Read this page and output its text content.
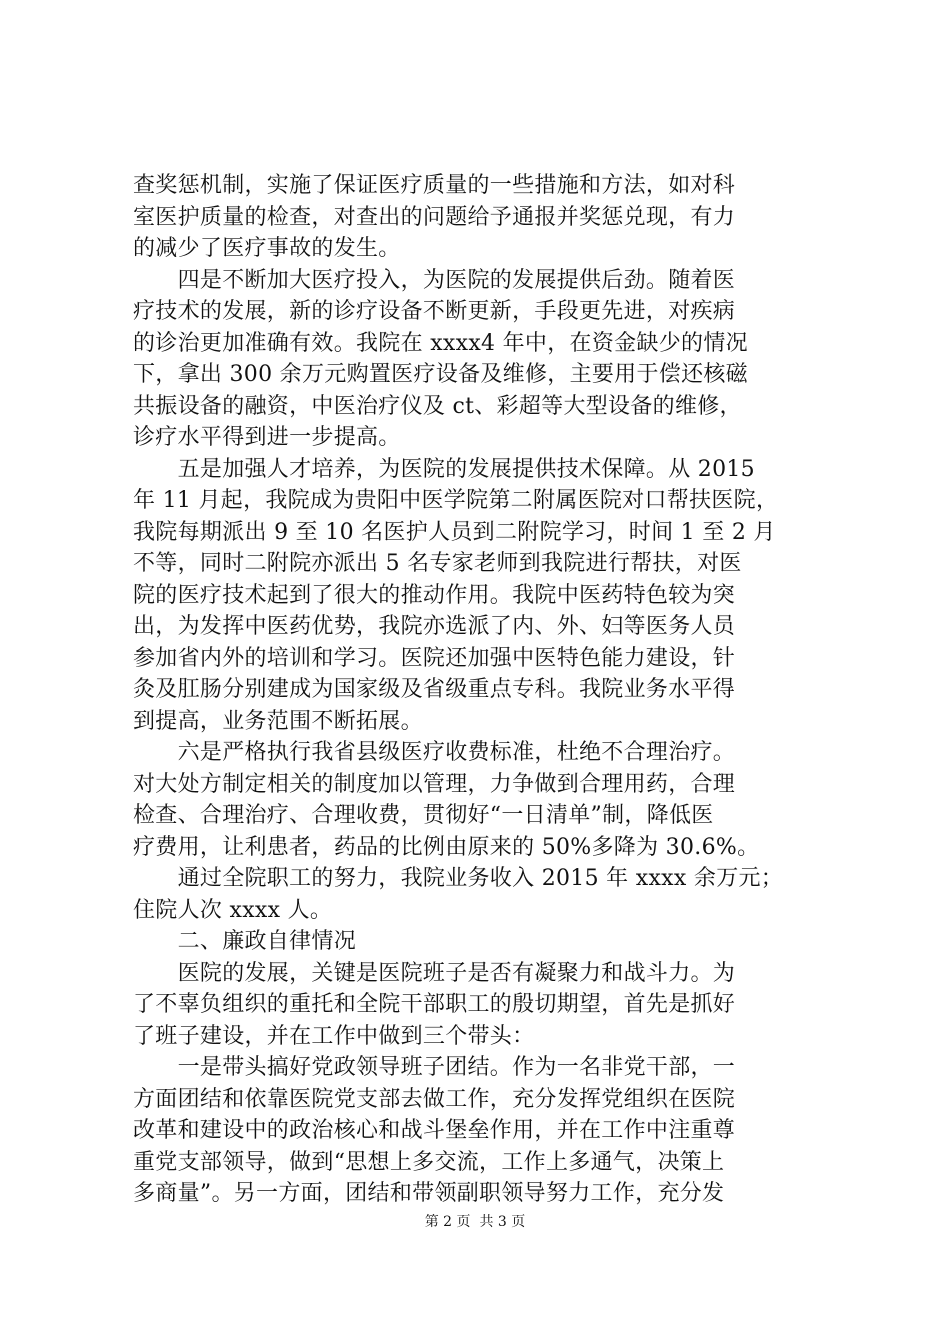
查奖惩机制，实施了保证医疗质量的一些措施和方法，如对科
室医护质量的检查，对查出的问题给予通报并奖惩兑现，有力
的减少了医疗事故的发生。
　　四是不断加大医疗投入，为医院的发展提供后劲。随着医
疗技术的发展，新的诊疗设备不断更新，手段更先进，对疾病
的诊治更加准确有效。我院在 xxxx4 年中，在资金缺少的情况
下，拿出 300 余万元购置医疗设备及维修，主要用于偿还核磁
共振设备的融资，中医治疗仪及 ct、彩超等大型设备的维修，
诊疗水平得到进一步提高。
　　五是加强人才培养，为医院的发展提供技术保障。从 2015
年 11 月起，我院成为贵阳中医学院第二附属医院对口帮扶医院，
我院每期派出 9 至 10 名医护人员到二附院学习，时间 1 至 2 月
不等，同时二附院亦派出 5 名专家老师到我院进行帮扶，对医
院的医疗技术起到了很大的推动作用。我院中医药特色较为突
出，为发挥中医药优势，我院亦选派了内、外、妇等医务人员
参加省内外的培训和学习。医院还加强中医特色能力建设，针
灸及肛肠分别建成为国家级及省级重点专科。我院业务水平得
到提高，业务范围不断拓展。
　　六是严格执行我省县级医疗收费标准，杜绝不合理治疗。
对大处方制定相关的制度加以管理，力争做到合理用药，合理
检查、合理治疗、合理收费，贯彻好“一日清单”制，降低医
疗费用，让利患者，药品的比例由原来的 50%多降为 30.6%。
　　通过全院职工的努力，我院业务收入 2015 年 xxxx 余万元；
住院人次 xxxx 人。
　　二、廉政自律情况
　　医院的发展，关键是医院班子是否有凝聚力和战斗力。为
了不辜负组织的重托和全院干部职工的殷切期望，首先是抓好
了班子建设，并在工作中做到三个带头：
　　一是带头搞好党政领导班子团结。作为一名非党干部，一
方面团结和依靠医院党支部去做工作，充分发挥党组织在医院
改革和建设中的政治核心和战斗堡垒作用，并在工作中注重尊
重党支部领导，做到“思想上多交流，工作上多通气，决策上
多商量”。另一方面，团结和带领副职领导努力工作，充分发
第 2 页  共 3 页
